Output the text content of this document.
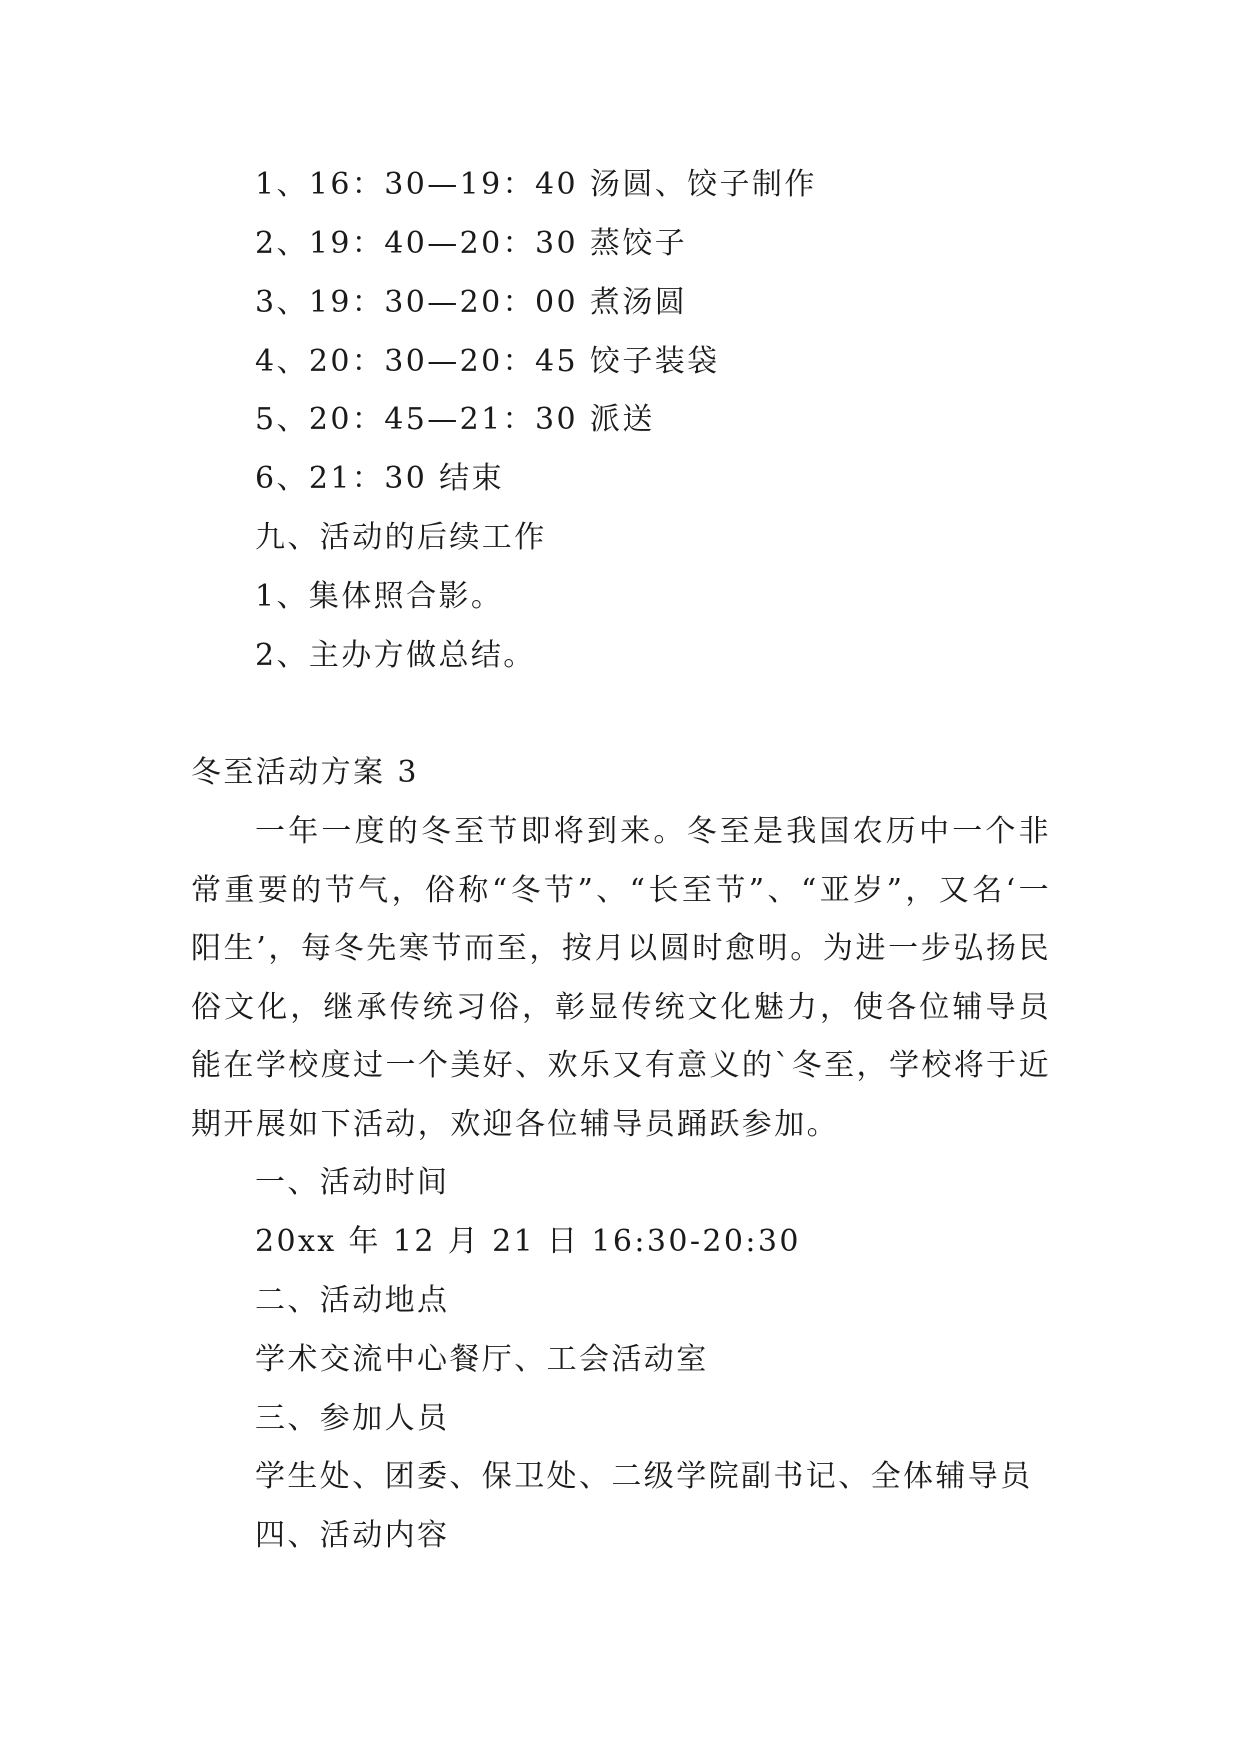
1、16：30—19：40 汤圆、饺子制作
2、19：40—20：30 蒸饺子
3、19：30—20：00 煮汤圆
4、20：30—20：45 饺子装袋
5、20：45—21：30 派送
6、21：30 结束
九、活动的后续工作
1、集体照合影。
2、主办方做总结。
冬至活动方案 3

一年一度的冬至节即将到来。冬至是我国农历中一个非常重要的节气，俗称“冬节”、“长至节”、“亚岁”，又名‘一阳生’，每冬先寒节而至，按月以圆时愈明。为进一步弘扬民俗文化，继承传统习俗，彰显传统文化魅力，使各位辅导员能在学校度过一个美好、欢乐又有意义的`冬至，学校将于近期开展如下活动，欢迎各位辅导员踊跃参加。

一、活动时间
20xx 年 12 月 21 日 16:30-20:30
二、活动地点
学术交流中心餐厅、工会活动室
三、参加人员
学生处、团委、保卫处、二级学院副书记、全体辅导员
四、活动内容
